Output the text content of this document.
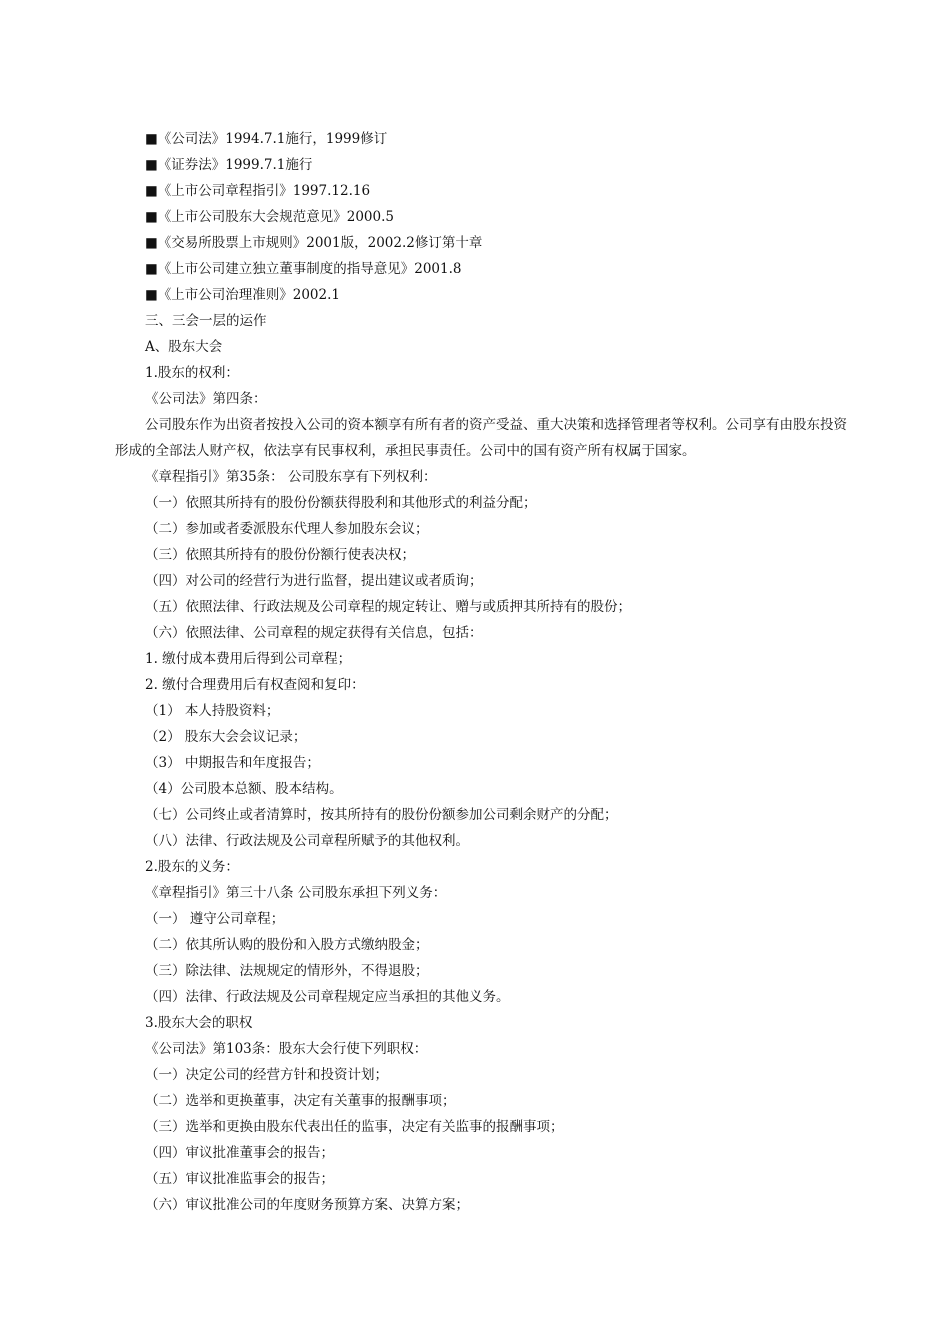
■《公司法》1994.7.1施行，1999修订
■《证券法》1999.7.1施行
■《上市公司章程指引》1997.12.16
■《上市公司股东大会规范意见》2000.5
■《交易所股票上市规则》2001版，2002.2修订第十章
■《上市公司建立独立董事制度的指导意见》2001.8
■《上市公司治理准则》2002.1
三、三会一层的运作
A、股东大会
1.股东的权利：
《公司法》第四条：
公司股东作为出资者按投入公司的资本额享有所有者的资产受益、重大决策和选择管理者等权利。公司享有由股东投资形成的全部法人财产权，依法享有民事权利，承担民事责任。公司中的国有资产所有权属于国家。
《章程指引》第35条： 公司股东享有下列权利：
（一）依照其所持有的股份份额获得股利和其他形式的利益分配；
（二）参加或者委派股东代理人参加股东会议；
（三）依照其所持有的股份份额行使表决权；
（四）对公司的经营行为进行监督，提出建议或者质询；
（五）依照法律、行政法规及公司章程的规定转让、赠与或质押其所持有的股份；
（六）依照法律、公司章程的规定获得有关信息，包括：
1. 缴付成本费用后得到公司章程；
2. 缴付合理费用后有权查阅和复印：
（1） 本人持股资料；
（2） 股东大会会议记录；
（3） 中期报告和年度报告；
（4）公司股本总额、股本结构。
（七）公司终止或者清算时，按其所持有的股份份额参加公司剩余财产的分配；
（八）法律、行政法规及公司章程所赋予的其他权利。
2.股东的义务：
《章程指引》第三十八条 公司股东承担下列义务：
（一） 遵守公司章程；
（二）依其所认购的股份和入股方式缴纳股金；
（三）除法律、法规规定的情形外，不得退股；
（四）法律、行政法规及公司章程规定应当承担的其他义务。
3.股东大会的职权
《公司法》第103条：股东大会行使下列职权：
（一）决定公司的经营方针和投资计划；
（二）选举和更换董事，决定有关董事的报酬事项；
（三）选举和更换由股东代表出任的监事，决定有关监事的报酬事项；
（四）审议批准董事会的报告；
（五）审议批准监事会的报告；
（六）审议批准公司的年度财务预算方案、决算方案；
